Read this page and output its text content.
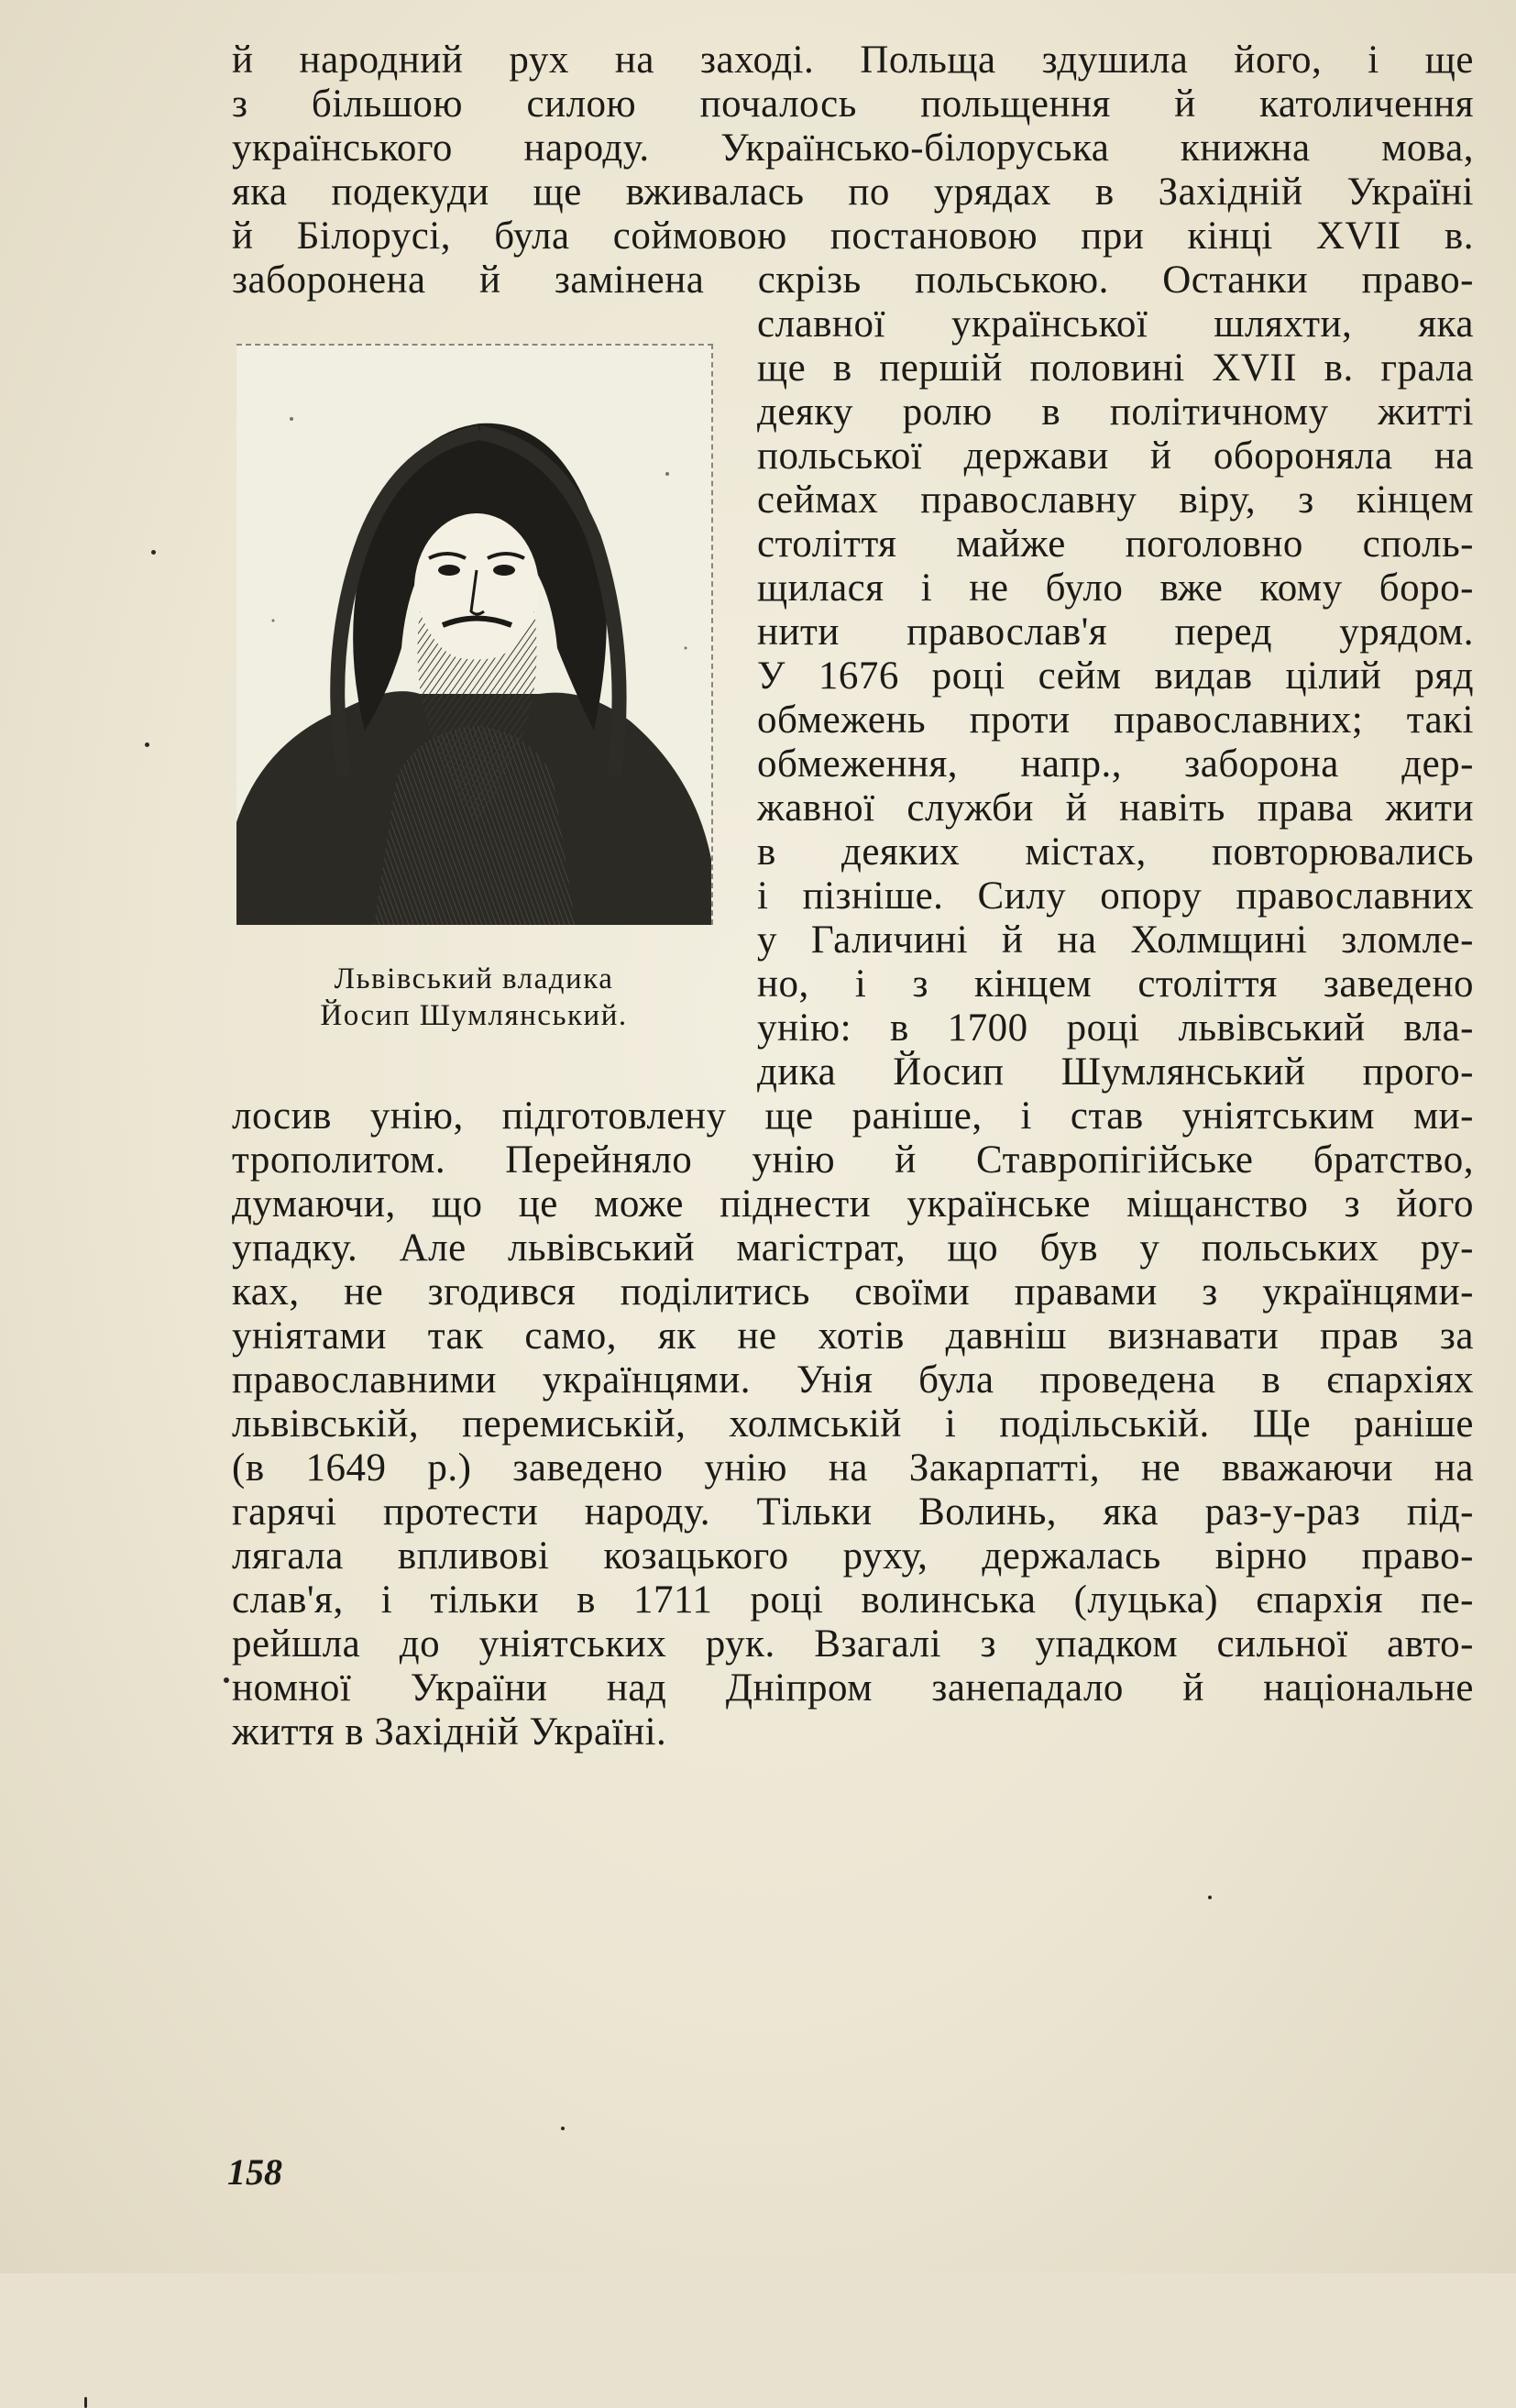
й народний рух на заході. Польща здушила його, і ще
з більшою силою почалось польщення й католичення
українського народу. Українсько-білоруська книжна мова,
яка подекуди ще вживалась по урядах в Західній Україні
й Білорусі, була соймовою постановою при кінці XVII в.
заборонена й замінена скрізь польською. Останки право-
славної української шляхти, яка
ще в першій половині XVII в. грала
деяку ролю в політичному житті
польської держави й обороняла на
сеймах православну віру, з кінцем
століття майже поголовно споль-
щилася і не було вже кому боро-
нити православ'я перед урядом.
У 1676 році сейм видав цілий ряд
обмежень проти православних; такі
обмеження, напр., заборона дер-
жавної служби й навіть права жити
в деяких містах, повторювались
і пізніше. Силу опору православних
у Галичині й на Холмщині зломле-
но, і з кінцем століття заведено
унію: в 1700 році львівський вла-
дика Йосип Шумлянський прого-
Львівський владика
Йосип Шумлянський.
лосив унію, підготовлену ще раніше, і став уніятським ми-
трополитом. Перейняло унію й Ставропігійське братство,
думаючи, що це може піднести українське міщанство з його
упадку. Але львівський магістрат, що був у польських ру-
ках, не згодився поділитись своїми правами з українцями-
уніятами так само, як не хотів давніш визнавати прав за
православними українцями. Унія була проведена в єпархіях
львівській, перемиській, холмській і подільській. Ще раніше
(в 1649 р.) заведено унію на Закарпатті, не вважаючи на
гарячі протести народу. Тільки Волинь, яка раз-у-раз під-
лягала впливові козацького руху, держалась вірно право-
слав'я, і тільки в 1711 році волинська (луцька) єпархія пе-
рейшла до уніятських рук. Взагалі з упадком сильної авто-
номної України над Дніпром занепадало й національне
життя в Західній Україні.
158
